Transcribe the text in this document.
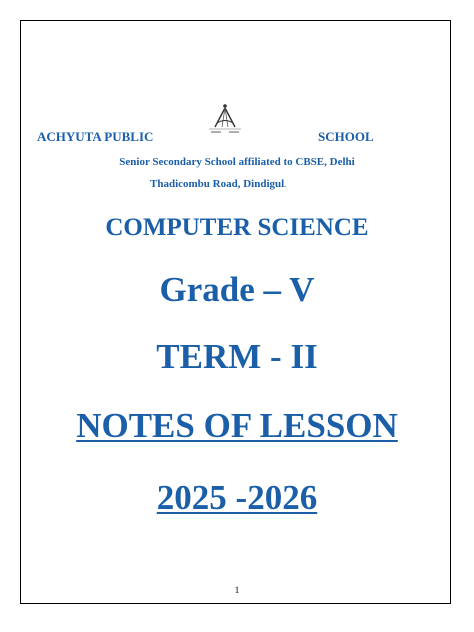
ACHYUTA PUBLIC	SCHOOL
Senior Secondary School affiliated to CBSE, Delhi
Thadicombu Road, Dindigul.
COMPUTER SCIENCE
Grade – V
TERM - II
NOTES OF LESSON
2025 -2026
1
